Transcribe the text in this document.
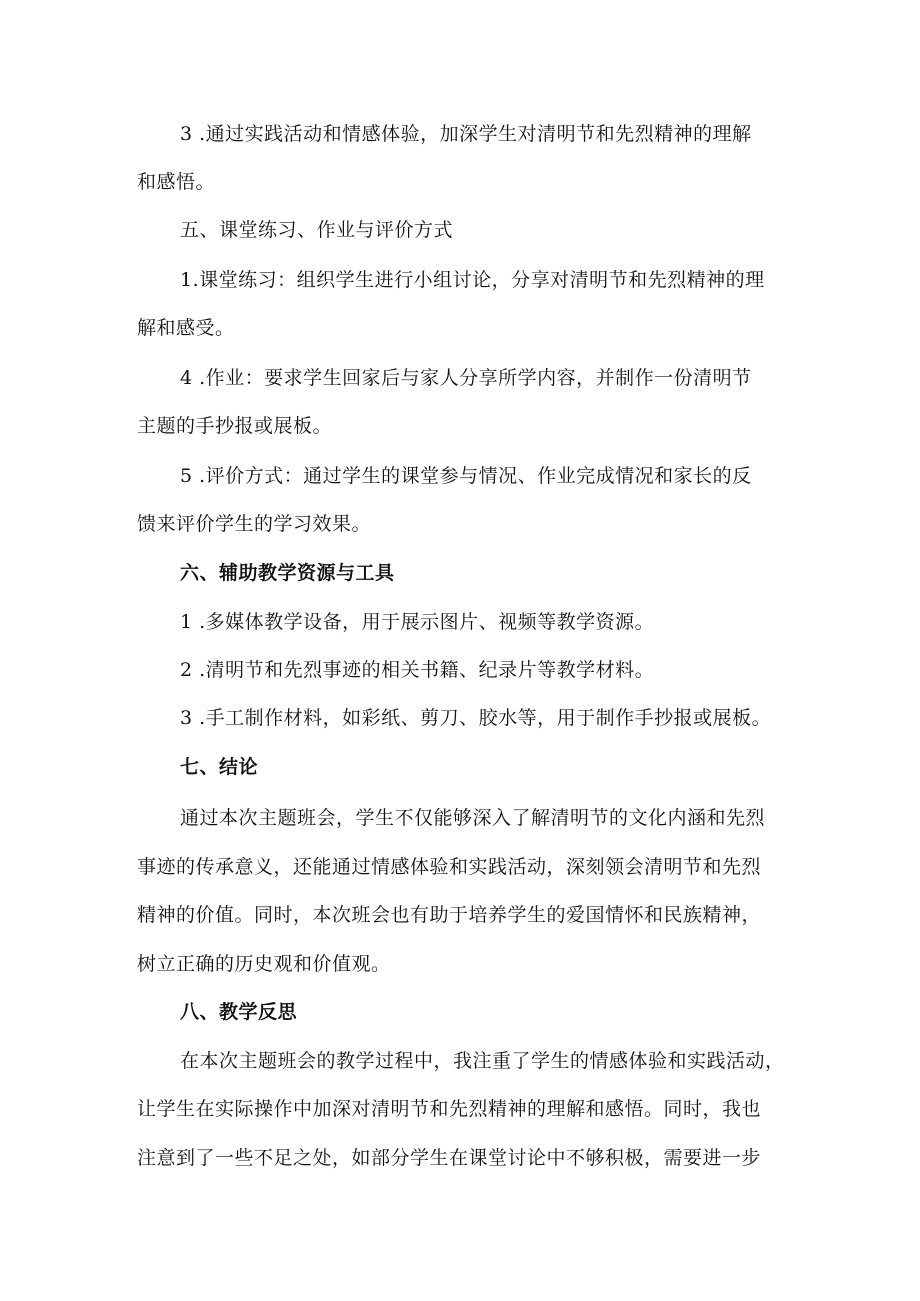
3 .通过实践活动和情感体验，加深学生对清明节和先烈精神的理解
和感悟。
五、课堂练习、作业与评价方式
1.课堂练习：组织学生进行小组讨论，分享对清明节和先烈精神的理
解和感受。
4 .作业：要求学生回家后与家人分享所学内容，并制作一份清明节
主题的手抄报或展板。
5 .评价方式：通过学生的课堂参与情况、作业完成情况和家长的反
馈来评价学生的学习效果。
六、辅助教学资源与工具
1 .多媒体教学设备，用于展示图片、视频等教学资源。
2 .清明节和先烈事迹的相关书籍、纪录片等教学材料。
3 .手工制作材料，如彩纸、剪刀、胶水等，用于制作手抄报或展板。
七、结论
通过本次主题班会，学生不仅能够深入了解清明节的文化内涵和先烈
事迹的传承意义，还能通过情感体验和实践活动，深刻领会清明节和先烈
精神的价值。同时，本次班会也有助于培养学生的爱国情怀和民族精神，
树立正确的历史观和价值观。
八、教学反思
在本次主题班会的教学过程中，我注重了学生的情感体验和实践活动，
让学生在实际操作中加深对清明节和先烈精神的理解和感悟。同时，我也
注意到了一些不足之处，如部分学生在课堂讨论中不够积极，需要进一步
